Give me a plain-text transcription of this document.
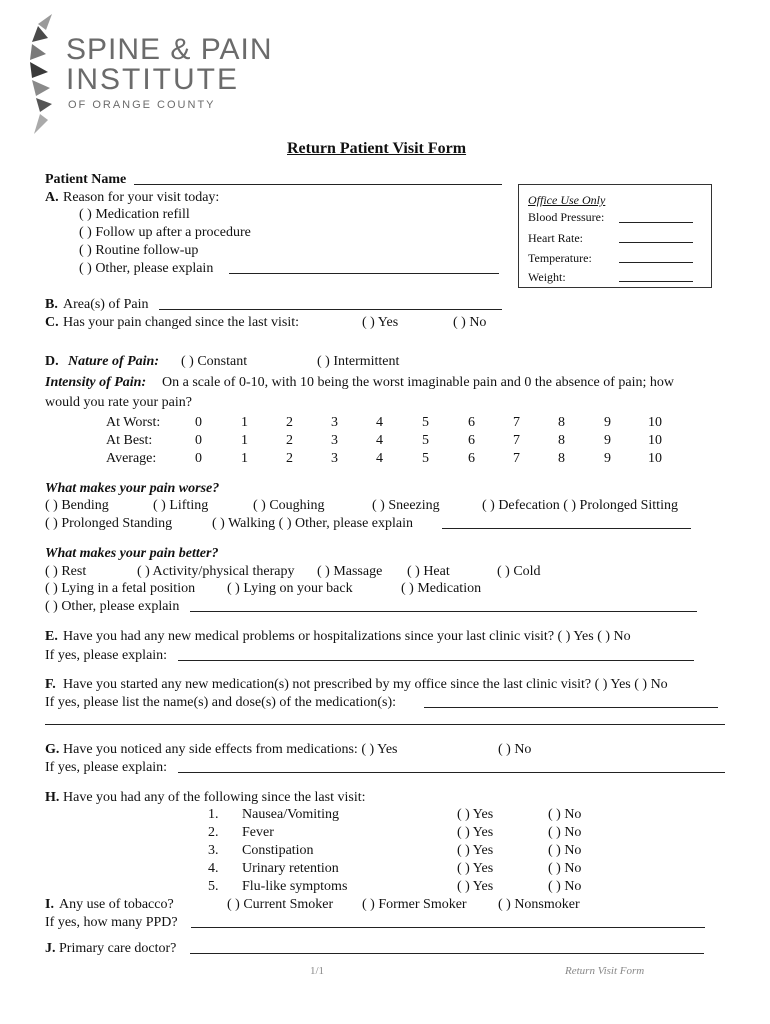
SPINE & PAIN
INSTITUTE
OF ORANGE COUNTY
Return Patient Visit Form
Patient Name
A. Reason for your visit today:
( ) Medication refill
( ) Follow up after a procedure
( ) Routine follow-up
( ) Other, please explain
Office Use Only
Blood Pressure:
Heart Rate:
Temperature:
Weight:
B. Area(s) of Pain
C. Has your pain changed since the last visit:	( ) Yes	( ) No
D. Nature of Pain: ( ) Constant	( ) Intermittent
Intensity of Pain: On a scale of 0-10, with 10 being the worst imaginable pain and 0 the absence of pain; how
would you rate your pain?
At Worst: 0	1	2	3	4	5	6	7	8	9	10
At Best:	0	1	2	3	4	5	6	7	8	9	10
Average:	0	1	2	3	4	5	6	7	8	9	10
What makes your pain worse?
( ) Bending	( ) Lifting	( ) Coughing	( ) Sneezing	( ) Defecation ( ) Prolonged Sitting
( ) Prolonged Standing	( ) Walking ( ) Other, please explain
What makes your pain better?
( ) Rest	( ) Activity/physical therapy ( ) Massage ( ) Heat	( ) Cold
( ) Lying in a fetal position ( ) Lying on your back	( ) Medication
( ) Other, please explain
E. Have you had any new medical problems or hospitalizations since your last clinic visit? ( ) Yes ( ) No
If yes, please explain:
F. Have you started any new medication(s) not prescribed by my office since the last clinic visit? ( ) Yes ( ) No
If yes, please list the name(s) and dose(s) of the medication(s):
G. Have you noticed any side effects from medications: ( ) Yes	( ) No
If yes, please explain:
H. Have you had any of the following since the last visit:
1. Nausea/Vomiting	( ) Yes	( ) No
2. Fever	( ) Yes	( ) No
3. Constipation	( ) Yes	( ) No
4. Urinary retention	( ) Yes	( ) No
5. Flu-like symptoms	( ) Yes	( ) No
I. Any use of tobacco?	( ) Current Smoker ( ) Former Smoker ( ) Nonsmoker
If yes, how many PPD?
J. Primary care doctor?
1/1	Return Visit Form
